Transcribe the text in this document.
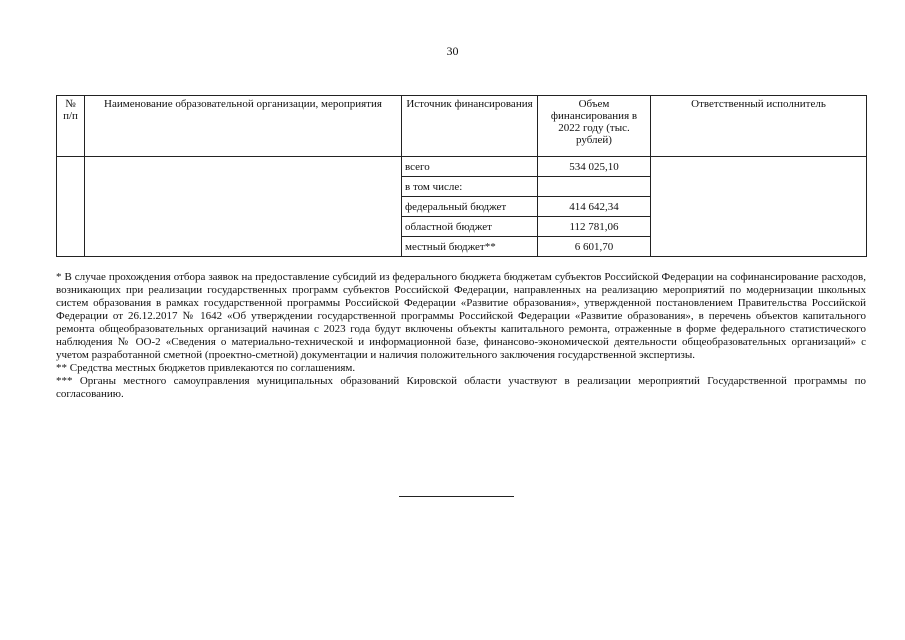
30
№ п/п	Наименование образовательной организации, мероприятия	Источник финансирования	Объем финансирования в 2022 году (тыс. рублей)	Ответственный исполнитель
		всего	534 025,10	
		в том числе:		
		федеральный бюджет	414 642,34	
		областной бюджет	112 781,06	
		местный бюджет**	6 601,70	

* В случае прохождения отбора заявок на предоставление субсидий из федерального бюджета бюджетам субъектов Российской Федерации на софинансирование расходов, возникающих при реализации государственных программ субъектов Российской Федерации, направленных на реализацию мероприятий по модернизации школьных систем образования в рамках государственной программы Российской Федерации «Развитие образования», утвержденной постановлением Правительства Российской Федерации от 26.12.2017 № 1642 «Об утверждении государственной программы Российской Федерации «Развитие образования», в перечень объектов капитального ремонта общеобразовательных организаций начиная с 2023 года будут включены объекты капитального ремонта, отраженные в форме федерального статистического наблюдения № ОО-2 «Сведения о материально-технической и информационной базе, финансово-экономической деятельности общеобразовательных организаций» с учетом разработанной сметной (проектно-сметной) документации и наличия положительного заключения государственной экспертизы.

** Средства местных бюджетов привлекаются по соглашениям.

*** Органы местного самоуправления муниципальных образований Кировской области участвуют в реализации мероприятий Государственной программы по согласованию.
